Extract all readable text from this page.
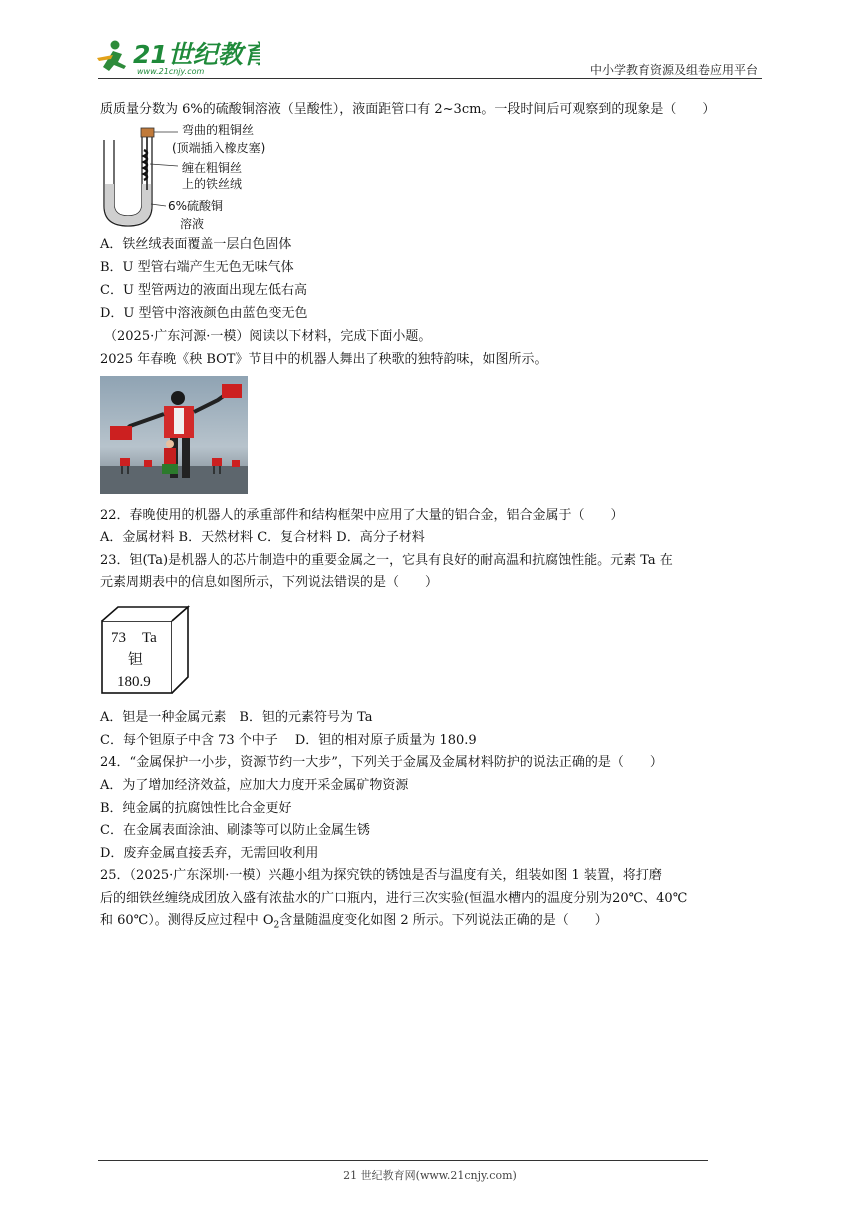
21世纪教育
www.21cnjy.com	中小学教育资源及组卷应用平台
质质量分数为 6%的硫酸铜溶液（呈酸性），液面距管口有 2~3cm。一段时间后可观察到的现象是（　　）
弯曲的粗铜丝
(顶端插入橡皮塞)
缠在粗铜丝
上的铁丝绒
6%硫酸铜
溶液
A．铁丝绒表面覆盖一层白色固体
B．U 型管右端产生无色无味气体
C．U 型管两边的液面出现左低右高
D．U 型管中溶液颜色由蓝色变无色
（2025·广东河源·一模）阅读以下材料，完成下面小题。
2025 年春晚《秧 BOT》节目中的机器人舞出了秧歌的独特韵味，如图所示。
22．春晚使用的机器人的承重部件和结构框架中应用了大量的铝合金，铝合金属于（　　）
A．金属材料 B．天然材料 C．复合材料 D．高分子材料
23．钽(Ta)是机器人的芯片制造中的重要金属之一，它具有良好的耐高温和抗腐蚀性能。元素 Ta 在
元素周期表中的信息如图所示，下列说法错误的是（　　）
73 Ta
钽
180.9
A．钽是一种金属元素　B．钽的元素符号为 Ta
C．每个钽原子中含 73 个中子　 D．钽的相对原子质量为 180.9
24．“金属保护一小步，资源节约一大步”，下列关于金属及金属材料防护的说法正确的是（　　）
A．为了增加经济效益，应加大力度开采金属矿物资源
B．纯金属的抗腐蚀性比合金更好
C．在金属表面涂油、刷漆等可以防止金属生锈
D．废弃金属直接丢弃，无需回收利用
25．（2025·广东深圳·一模）兴趣小组为探究铁的锈蚀是否与温度有关，组装如图 1 装置，将打磨
后的细铁丝缠绕成团放入盛有浓盐水的广口瓶内，进行三次实验(恒温水槽内的温度分别为20℃、40℃
和 60℃）。测得反应过程中 $O_2$含量随温度变化如图 2 所示。下列说法正确的是（　　）
21 世纪教育网(www.21cnjy.com)
